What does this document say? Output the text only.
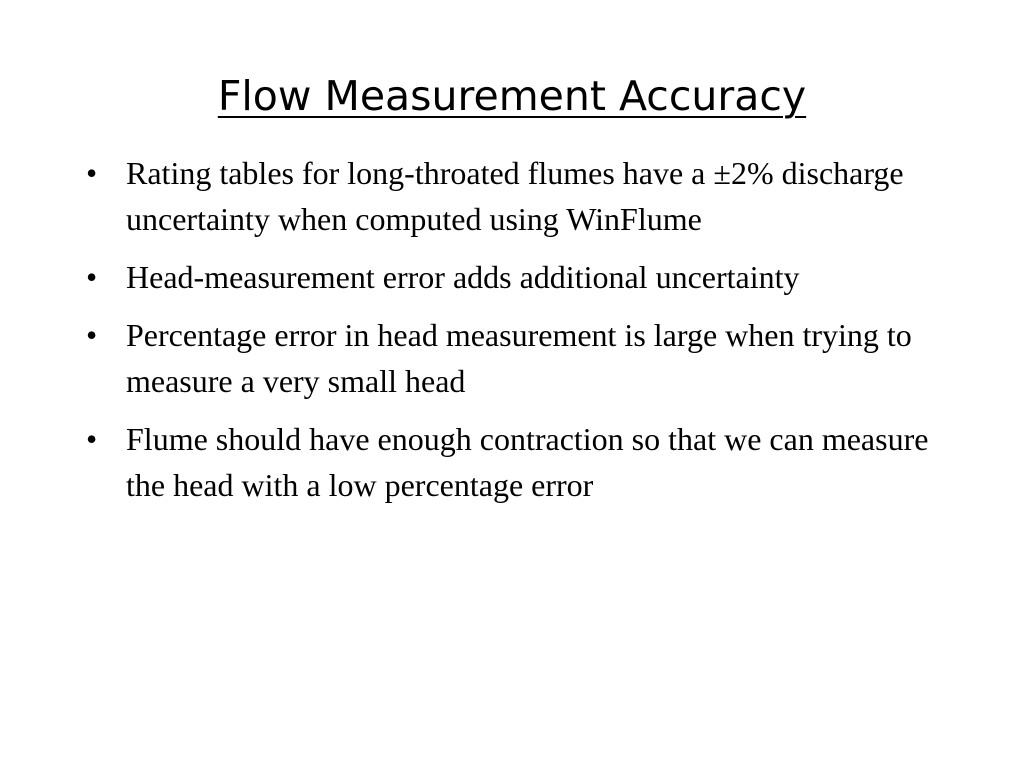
Flow Measurement Accuracy
• Rating tables for long-throated flumes have a ±2% discharge uncertainty when computed using WinFlume
• Head-measurement error adds additional uncertainty
• Percentage error in head measurement is large when trying to measure a very small head
• Flume should have enough contraction so that we can measure the head with a low percentage error
